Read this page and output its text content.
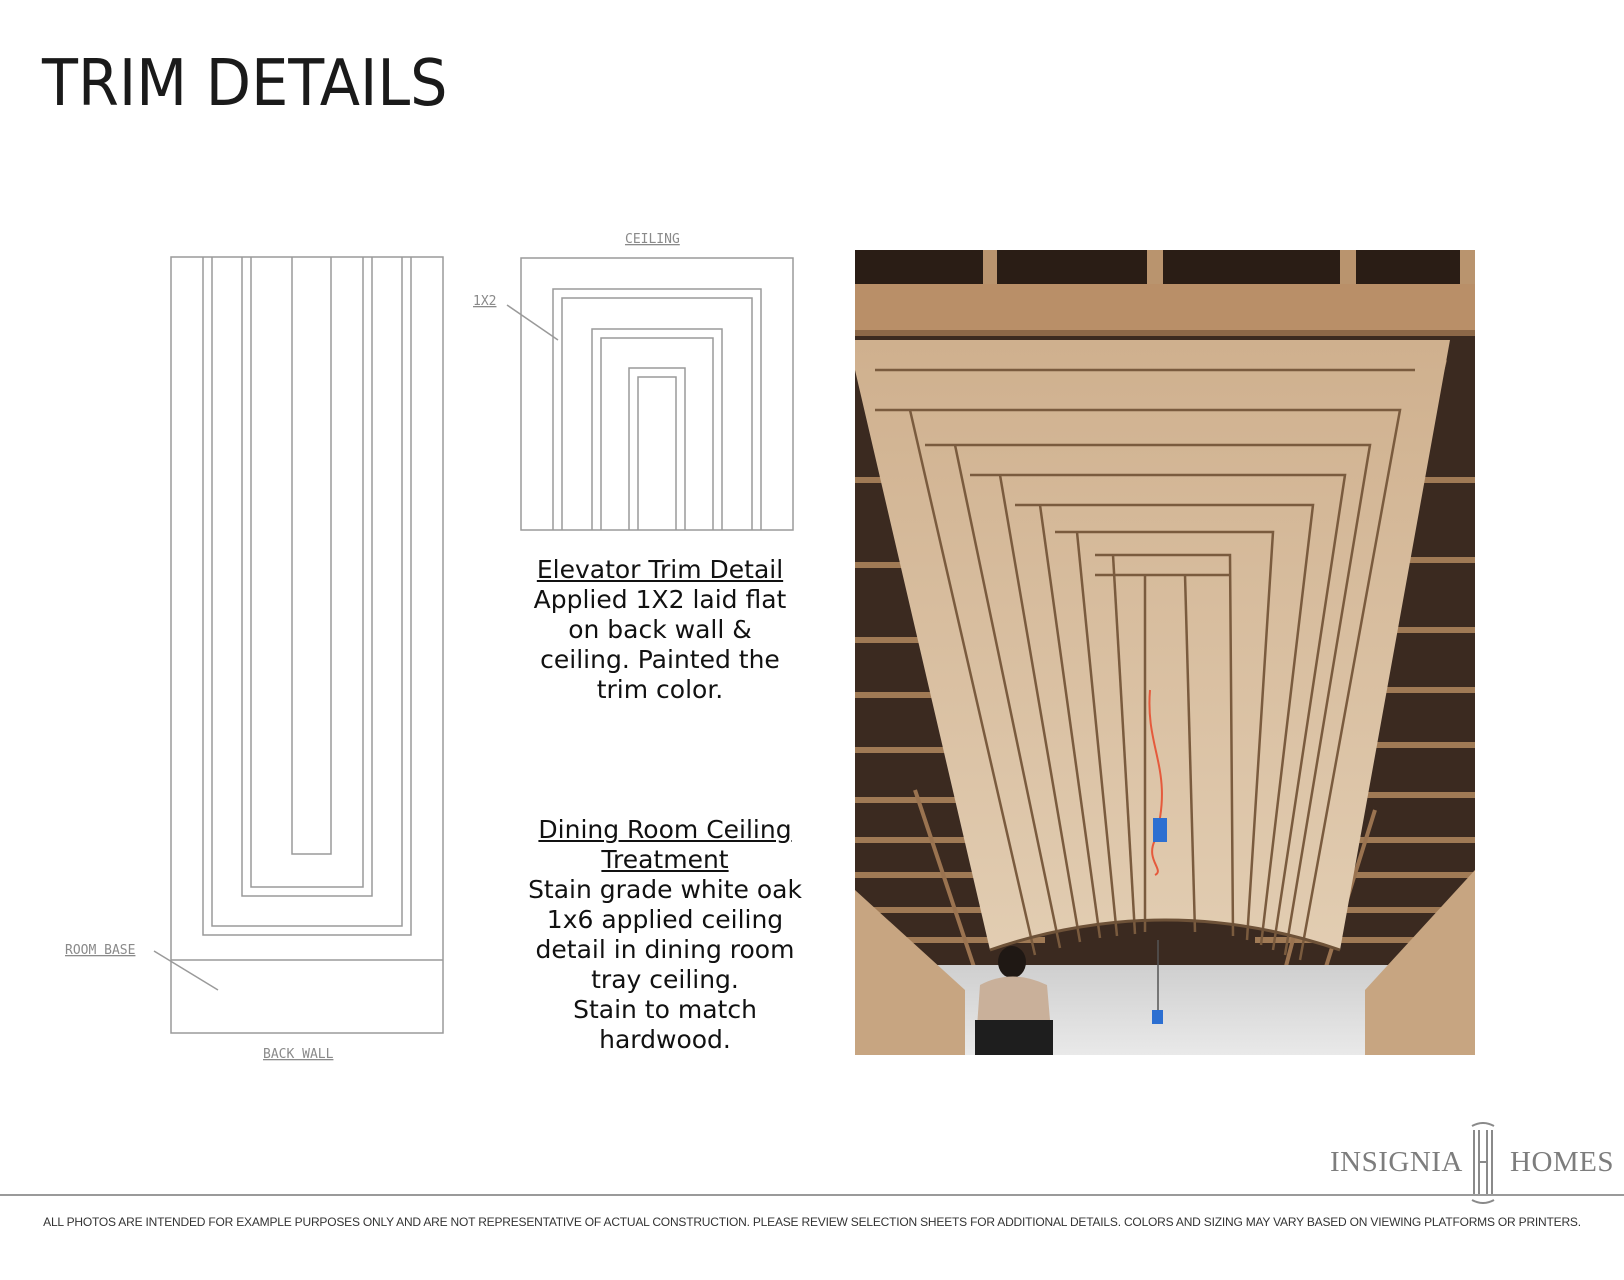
TRIM DETAILS
ROOM BASE
BACK WALL
CEILING
1X2
Elevator Trim Detail
Applied 1X2 laid flat
on back wall &
ceiling. Painted the
trim color.
Dining Room Ceiling
Treatment
Stain grade white oak
1x6 applied ceiling
detail in dining room
tray ceiling.
Stain to match
hardwood.
INSIGNIA HOMES
ALL PHOTOS ARE INTENDED FOR EXAMPLE PURPOSES ONLY AND ARE NOT REPRESENTATIVE OF ACTUAL CONSTRUCTION. PLEASE REVIEW SELECTION SHEETS FOR ADDITIONAL DETAILS. COLORS AND SIZING MAY VARY BASED ON VIEWING PLATFORMS OR PRINTERS.
